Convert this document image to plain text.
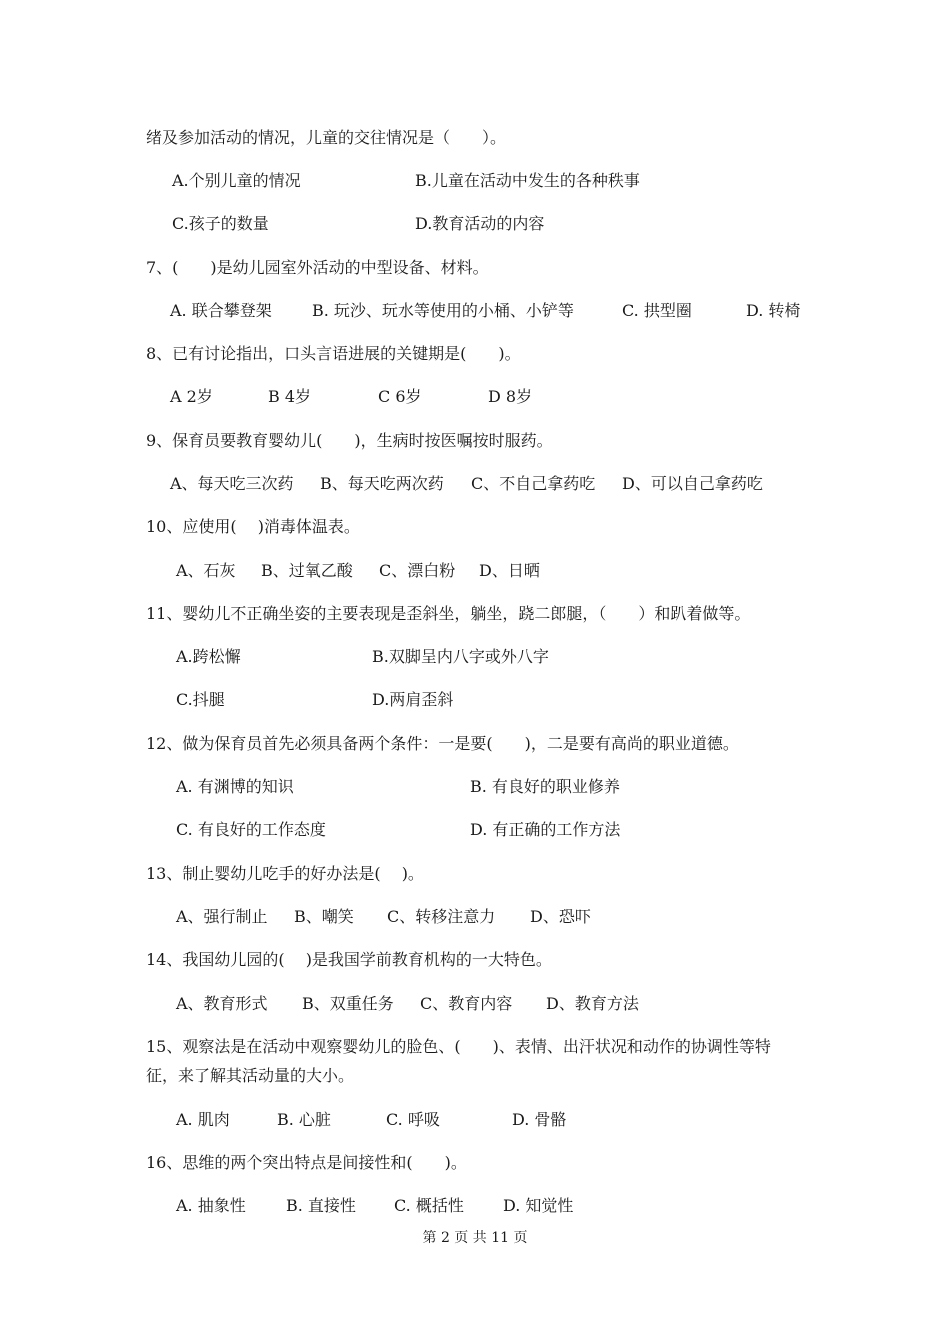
绪及参加活动的情况，儿童的交往情况是（　　）。
A.个别儿童的情况	B.儿童在活动中发生的各种秩事
C.孩子的数量	D.教育活动的内容
7、(　　)是幼儿园室外活动的中型设备、材料。
A. 联合攀登架	B. 玩沙、玩水等使用的小桶、小铲等	C. 拱型圈	D. 转椅
8、已有讨论指出，口头言语进展的关键期是(　　)。
A 2岁	B 4岁	C 6岁	D 8岁
9、保育员要教育婴幼儿(　　)，生病时按医嘱按时服药。
A、每天吃三次药 B、每天吃两次药 C、不自己拿药吃 D、可以自己拿药吃
10、应使用(　 )消毒体温表。
A、石灰 B、过氧乙酸 C、漂白粉 D、日晒
11、婴幼儿不正确坐姿的主要表现是歪斜坐，躺坐，跷二郎腿，（　　）和趴着做等。
A.跨松懈	B.双脚呈内八字或外八字
C.抖腿	D.两肩歪斜
12、做为保育员首先必须具备两个条件：一是要(　　)，二是要有高尚的职业道德。
A. 有渊博的知识	B. 有良好的职业修养
C. 有良好的工作态度	D. 有正确的工作方法
13、制止婴幼儿吃手的好办法是(　 )。
A、强行制止 B、嘲笑 C、转移注意力 D、恐吓
14、我国幼儿园的(　 )是我国学前教育机构的一大特色。
A、教育形式 B、双重任务 C、教育内容 D、教育方法
15、观察法是在活动中观察婴幼儿的脸色、(　　)、表情、出汗状况和动作的协调性等特
征，来了解其活动量的大小。
A. 肌肉	B. 心脏	C. 呼吸	D. 骨骼
16、思维的两个突出特点是间接性和(　　)。
A. 抽象性	B. 直接性 C. 概括性 D. 知觉性
第 2 页 共 11 页
